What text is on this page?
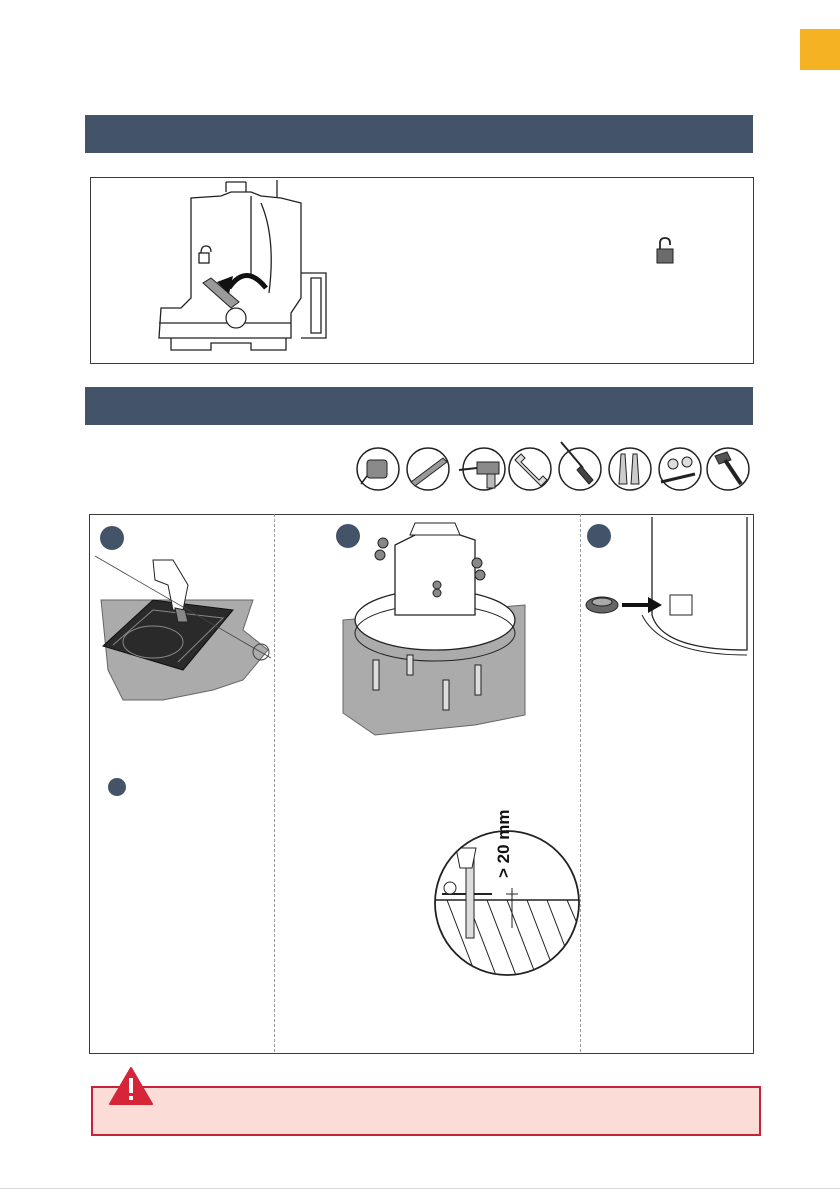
> 20 mm
